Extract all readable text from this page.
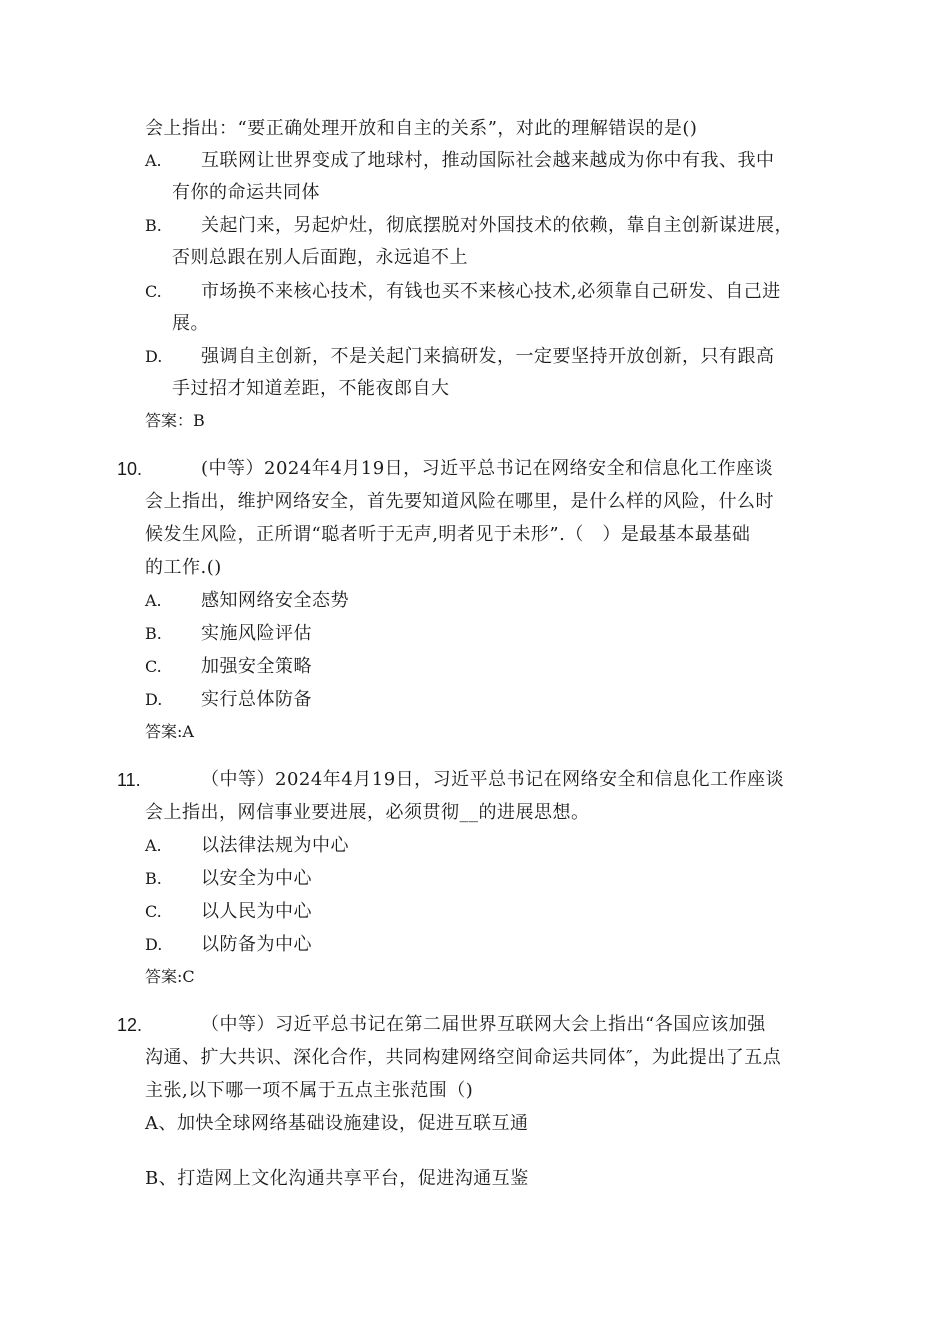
会上指出：“要正确处理开放和自主的关系”，对此的理解错误的是()
A. 互联网让世界变成了地球村，推动国际社会越来越成为你中有我、我中
有你的命运共同体
B. 关起门来，另起炉灶，彻底摆脱对外国技术的依赖，靠自主创新谋进展，
否则总跟在别人后面跑，永远追不上
C. 市场换不来核心技术，有钱也买不来核心技术,必须靠自己研发、自己进
展。
D. 强调自主创新，不是关起门来搞研发，一定要坚持开放创新，只有跟高
手过招才知道差距，不能夜郎自大
答案：B
10.	(中等）2024年4月19日，习近平总书记在网络安全和信息化工作座谈
会上指出，维护网络安全，首先要知道风险在哪里，是什么样的风险，什么时
候发生风险，正所谓“聪者听于无声,明者见于未形”.（　）是最基本最基础
的工作.()
A. 感知网络安全态势
B. 实施风险评估
C. 加强安全策略
D. 实行总体防备
答案:A
11.	（中等）2024年4月19日，习近平总书记在网络安全和信息化工作座谈
会上指出，网信事业要进展，必须贯彻__的进展思想。
A. 以法律法规为中心
B. 以安全为中心
C. 以人民为中心
D. 以防备为中心
答案:C
12.	（中等）习近平总书记在第二届世界互联网大会上指出“各国应该加强
沟通、扩大共识、深化合作，共同构建网络空间命运共同体″，为此提出了五点
主张,以下哪一项不属于五点主张范围（)
A、加快全球网络基础设施建设，促进互联互通
B、打造网上文化沟通共享平台，促进沟通互鉴
